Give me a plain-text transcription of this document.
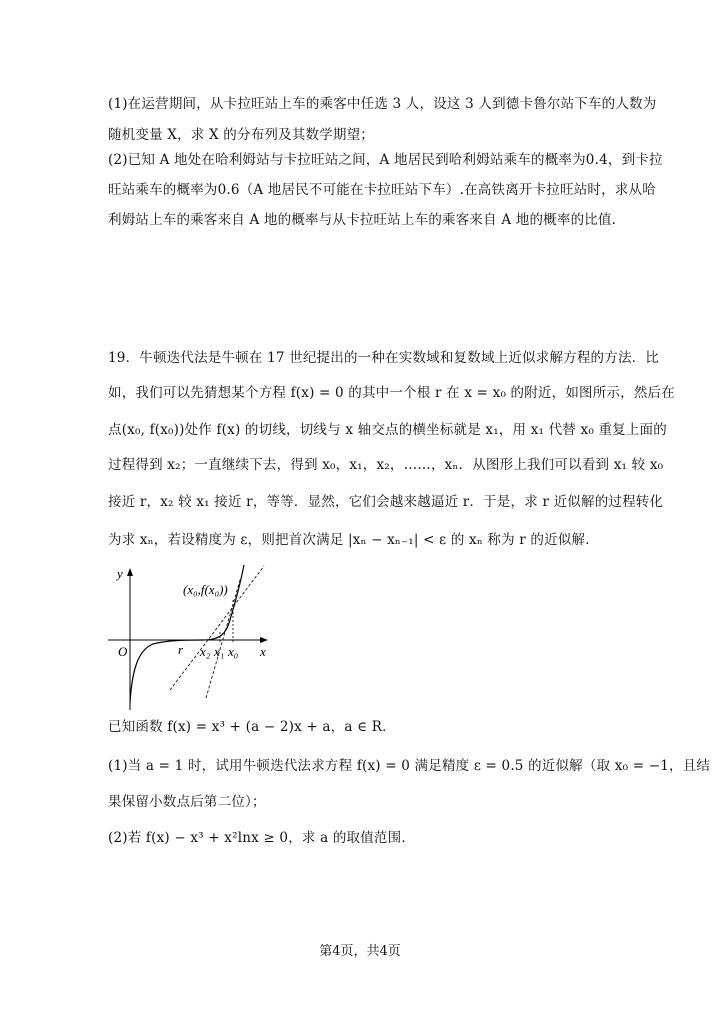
(1)在运营期间，从卡拉旺站上车的乘客中任选 3 人，设这 3 人到德卡鲁尔站下车的人数为
随机变量 X，求 X 的分布列及其数学期望；
(2)已知 A 地处在哈利姆站与卡拉旺站之间，A 地居民到哈利姆站乘车的概率为0.4，到卡拉
旺站乘车的概率为0.6（A 地居民不可能在卡拉旺站下车）.在高铁离开卡拉旺站时，求从哈
利姆站上车的乘客来自 A 地的概率与从卡拉旺站上车的乘客来自 A 地的概率的比值.
19．牛顿迭代法是牛顿在 17 世纪提出的一种在实数域和复数域上近似求解方程的方法．比
如，我们可以先猜想某个方程 f(x) = 0 的其中一个根 r 在 x = x₀ 的附近，如图所示，然后在
点(x₀, f(x₀))处作 f(x) 的切线，切线与 x 轴交点的横坐标就是 x₁，用 x₁ 代替 x₀ 重复上面的
过程得到 x₂；一直继续下去，得到 x₀，x₁，x₂，……，xₙ．从图形上我们可以看到 x₁ 较 x₀
接近 r，x₂ 较 x₁ 接近 r，等等．显然，它们会越来越逼近 r．于是，求 r 近似解的过程转化
为求 xₙ，若设精度为 ε，则把首次满足 |xₙ − xₙ₋₁| < ε 的 xₙ 称为 r 的近似解．
y
x
O	r x₂ x₁ x₀
(x₀,f(x₀))
已知函数 f(x) = x³ + (a − 2)x + a，a ∈ R．
(1)当 a = 1 时，试用牛顿迭代法求方程 f(x) = 0 满足精度 ε = 0.5 的近似解（取 x₀ = −1，且结
果保留小数点后第二位）；
(2)若 f(x) − x³ + x²lnx ≥ 0，求 a 的取值范围．
第4页，共4页
